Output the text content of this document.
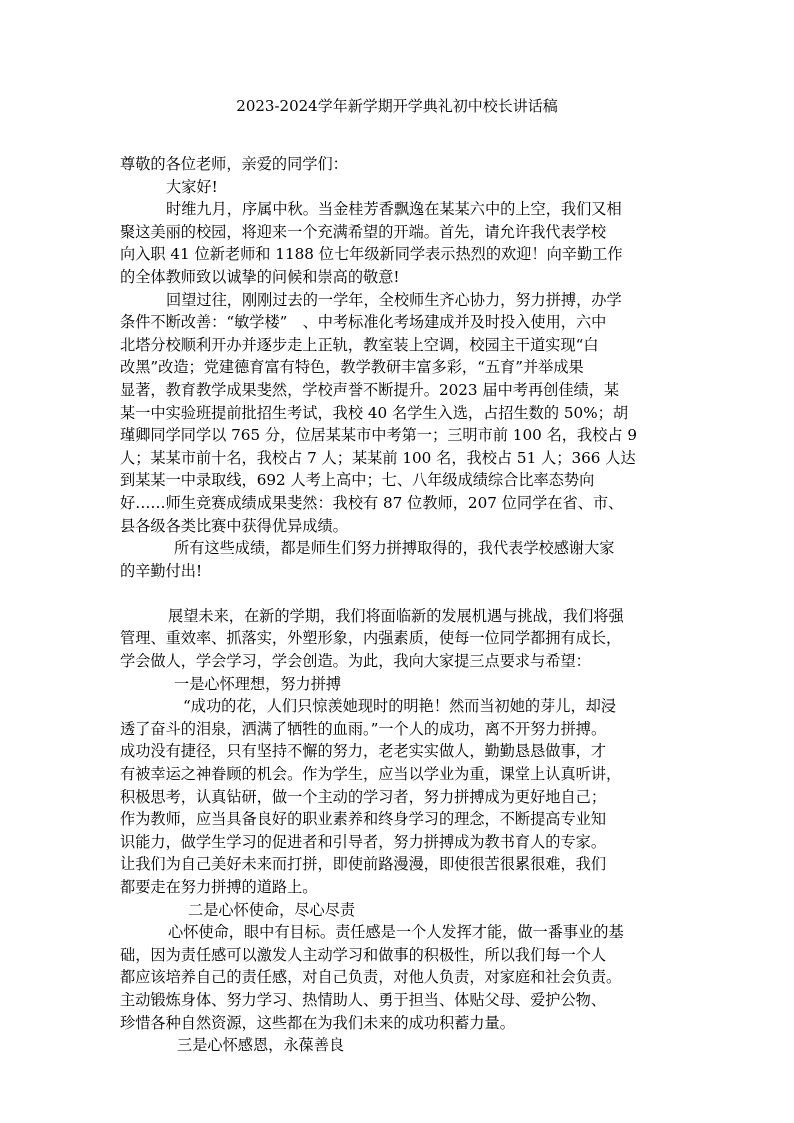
2023-2024学年新学期开学典礼初中校长讲话稿
尊敬的各位老师，亲爱的同学们：
大家好!
时维九月，序属中秋。当金桂芳香飘逸在某某六中的上空，我们又相
聚这美丽的校园，将迎来一个充满希望的开端。首先，请允许我代表学校
向入职 41 位新老师和 1188 位七年级新同学表示热烈的欢迎！向辛勤工作
的全体教师致以诚挚的问候和崇高的敬意!
回望过往，刚刚过去的一学年，全校师生齐心协力，努力拼搏，办学
条件不断改善：“敏学楼”　、中考标准化考场建成并及时投入使用，六中
北塔分校顺利开办并逐步走上正轨，教室装上空调，校园主干道实现“白
改黑”改造；党建德育富有特色，教学教研丰富多彩，“五育”并举成果
显著，教育教学成果斐然，学校声誉不断提升。2023 届中考再创佳绩，某
某一中实验班提前批招生考试，我校 40 名学生入选，占招生数的 50%；胡
瑾卿同学同学以 765 分，位居某某市中考第一；三明市前 100 名，我校占 9
人；某某市前十名，我校占 7 人；某某前 100 名，我校占 51 人；366 人达
到某某一中录取线，692 人考上高中；七、八年级成绩综合比率态势向
好……师生竞赛成绩成果斐然：我校有 87 位教师，207 位同学在省、市、
县各级各类比赛中获得优异成绩。
所有这些成绩，都是师生们努力拼搏取得的，我代表学校感谢大家
的辛勤付出!
展望未来，在新的学期，我们将面临新的发展机遇与挑战，我们将强
管理、重效率、抓落实，外塑形象，内强素质，使每一位同学都拥有成长，
学会做人，学会学习，学会创造。为此，我向大家提三点要求与希望：
一是心怀理想，努力拼搏
“成功的花，人们只惊羡她现时的明艳！然而当初她的芽儿，却浸
透了奋斗的泪泉，洒满了牺牲的血雨。”一个人的成功，离不开努力拼搏。
成功没有捷径，只有坚持不懈的努力，老老实实做人，勤勤恳恳做事，才
有被幸运之神眷顾的机会。作为学生，应当以学业为重，课堂上认真听讲，
积极思考，认真钻研，做一个主动的学习者，努力拼搏成为更好地自己；
作为教师，应当具备良好的职业素养和终身学习的理念，不断提高专业知
识能力，做学生学习的促进者和引导者，努力拼搏成为教书育人的专家。
让我们为自己美好未来而打拼，即使前路漫漫，即使很苦很累很难，我们
都要走在努力拼搏的道路上。
二是心怀使命，尽心尽责
心怀使命，眼中有目标。责任感是一个人发挥才能，做一番事业的基
础，因为责任感可以激发人主动学习和做事的积极性，所以我们每一个人
都应该培养自己的责任感，对自己负责，对他人负责，对家庭和社会负责。
主动锻炼身体、努力学习、热情助人、勇于担当、体贴父母、爱护公物、
珍惜各种自然资源，这些都在为我们未来的成功积蓄力量。
三是心怀感恩，永葆善良
